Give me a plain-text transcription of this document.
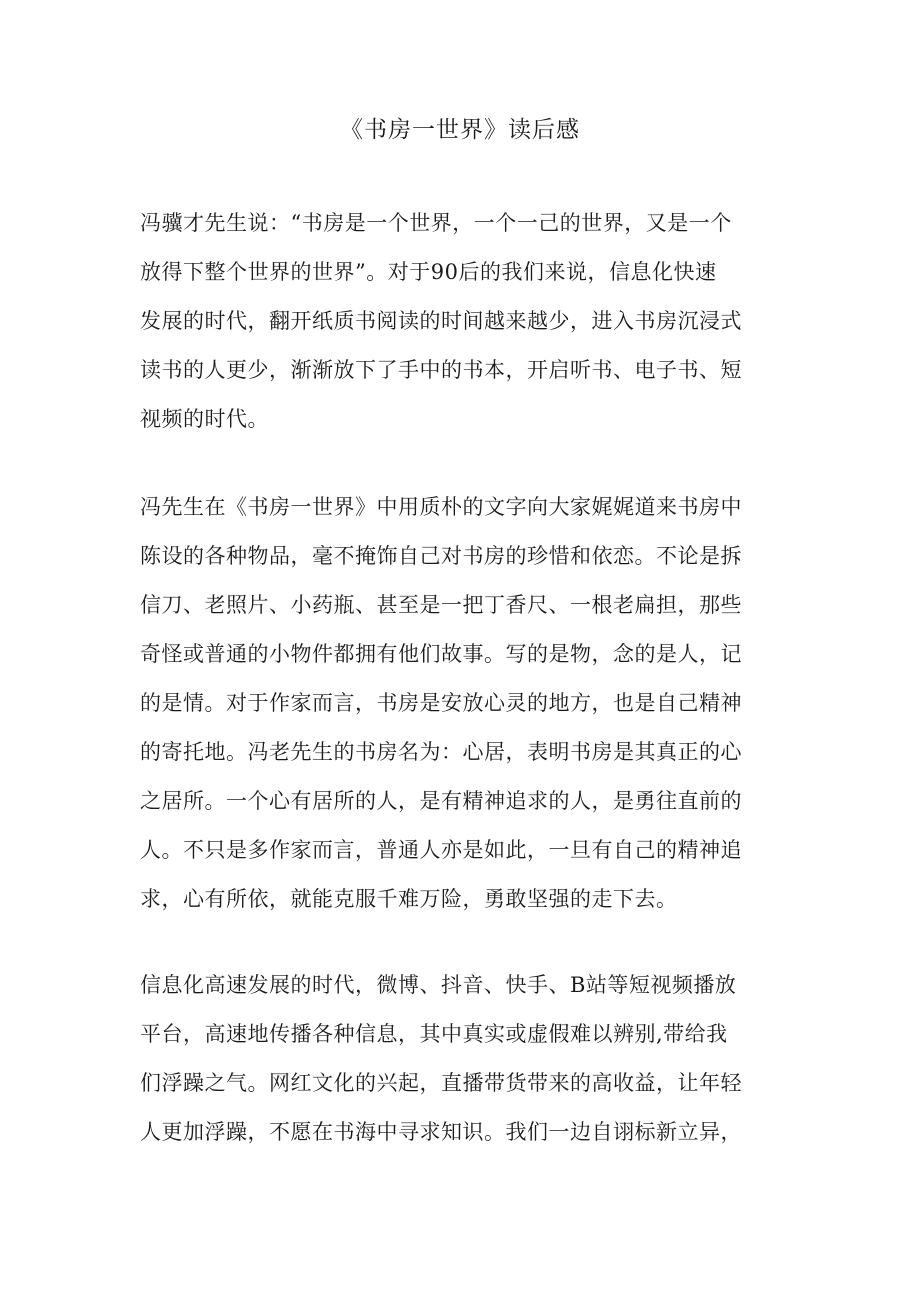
《书房一世界》读后感
冯骥才先生说：“书房是一个世界，一个一己的世界，又是一个
放得下整个世界的世界”。对于90后的我们来说，信息化快速
发展的时代，翻开纸质书阅读的时间越来越少，进入书房沉浸式
读书的人更少，渐渐放下了手中的书本，开启听书、电子书、短
视频的时代。
冯先生在《书房一世界》中用质朴的文字向大家娓娓道来书房中
陈设的各种物品，毫不掩饰自己对书房的珍惜和依恋。不论是拆
信刀、老照片、小药瓶、甚至是一把丁香尺、一根老扁担，那些
奇怪或普通的小物件都拥有他们故事。写的是物，念的是人，记
的是情。对于作家而言，书房是安放心灵的地方，也是自己精神
的寄托地。冯老先生的书房名为：心居，表明书房是其真正的心
之居所。一个心有居所的人，是有精神追求的人，是勇往直前的
人。不只是多作家而言，普通人亦是如此，一旦有自己的精神追
求，心有所依，就能克服千难万险，勇敢坚强的走下去。
信息化高速发展的时代，微博、抖音、快手、B站等短视频播放
平台，高速地传播各种信息，其中真实或虚假难以辨别,带给我
们浮躁之气。网红文化的兴起，直播带货带来的高收益，让年轻
人更加浮躁，不愿在书海中寻求知识。我们一边自诩标新立异，
